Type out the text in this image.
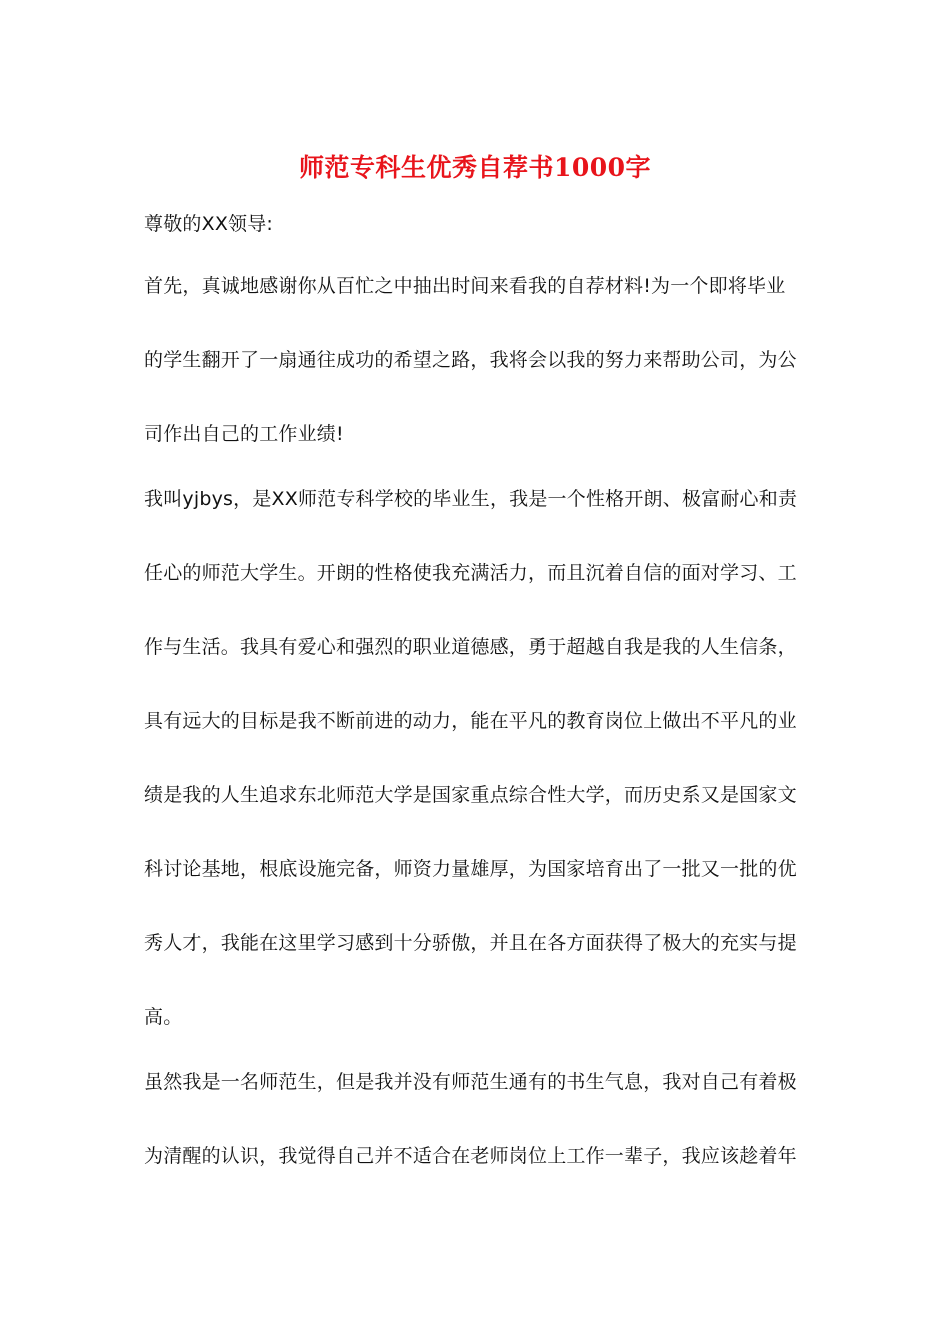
师范专科生优秀自荐书1000字
尊敬的XX领导:
首先，真诚地感谢你从百忙之中抽出时间来看我的自荐材料!为一个即将毕业
的学生翻开了一扇通往成功的希望之路，我将会以我的努力来帮助公司，为公
司作出自己的工作业绩!
我叫yjbys，是XX师范专科学校的毕业生，我是一个性格开朗、极富耐心和责
任心的师范大学生。开朗的性格使我充满活力，而且沉着自信的面对学习、工
作与生活。我具有爱心和强烈的职业道德感，勇于超越自我是我的人生信条，
具有远大的目标是我不断前进的动力，能在平凡的教育岗位上做出不平凡的业
绩是我的人生追求东北师范大学是国家重点综合性大学，而历史系又是国家文
科讨论基地，根底设施完备，师资力量雄厚，为国家培育出了一批又一批的优
秀人才，我能在这里学习感到十分骄傲，并且在各方面获得了极大的充实与提
高。
虽然我是一名师范生，但是我并没有师范生通有的书生气息，我对自己有着极
为清醒的认识，我觉得自己并不适合在老师岗位上工作一辈子，我应该趁着年
